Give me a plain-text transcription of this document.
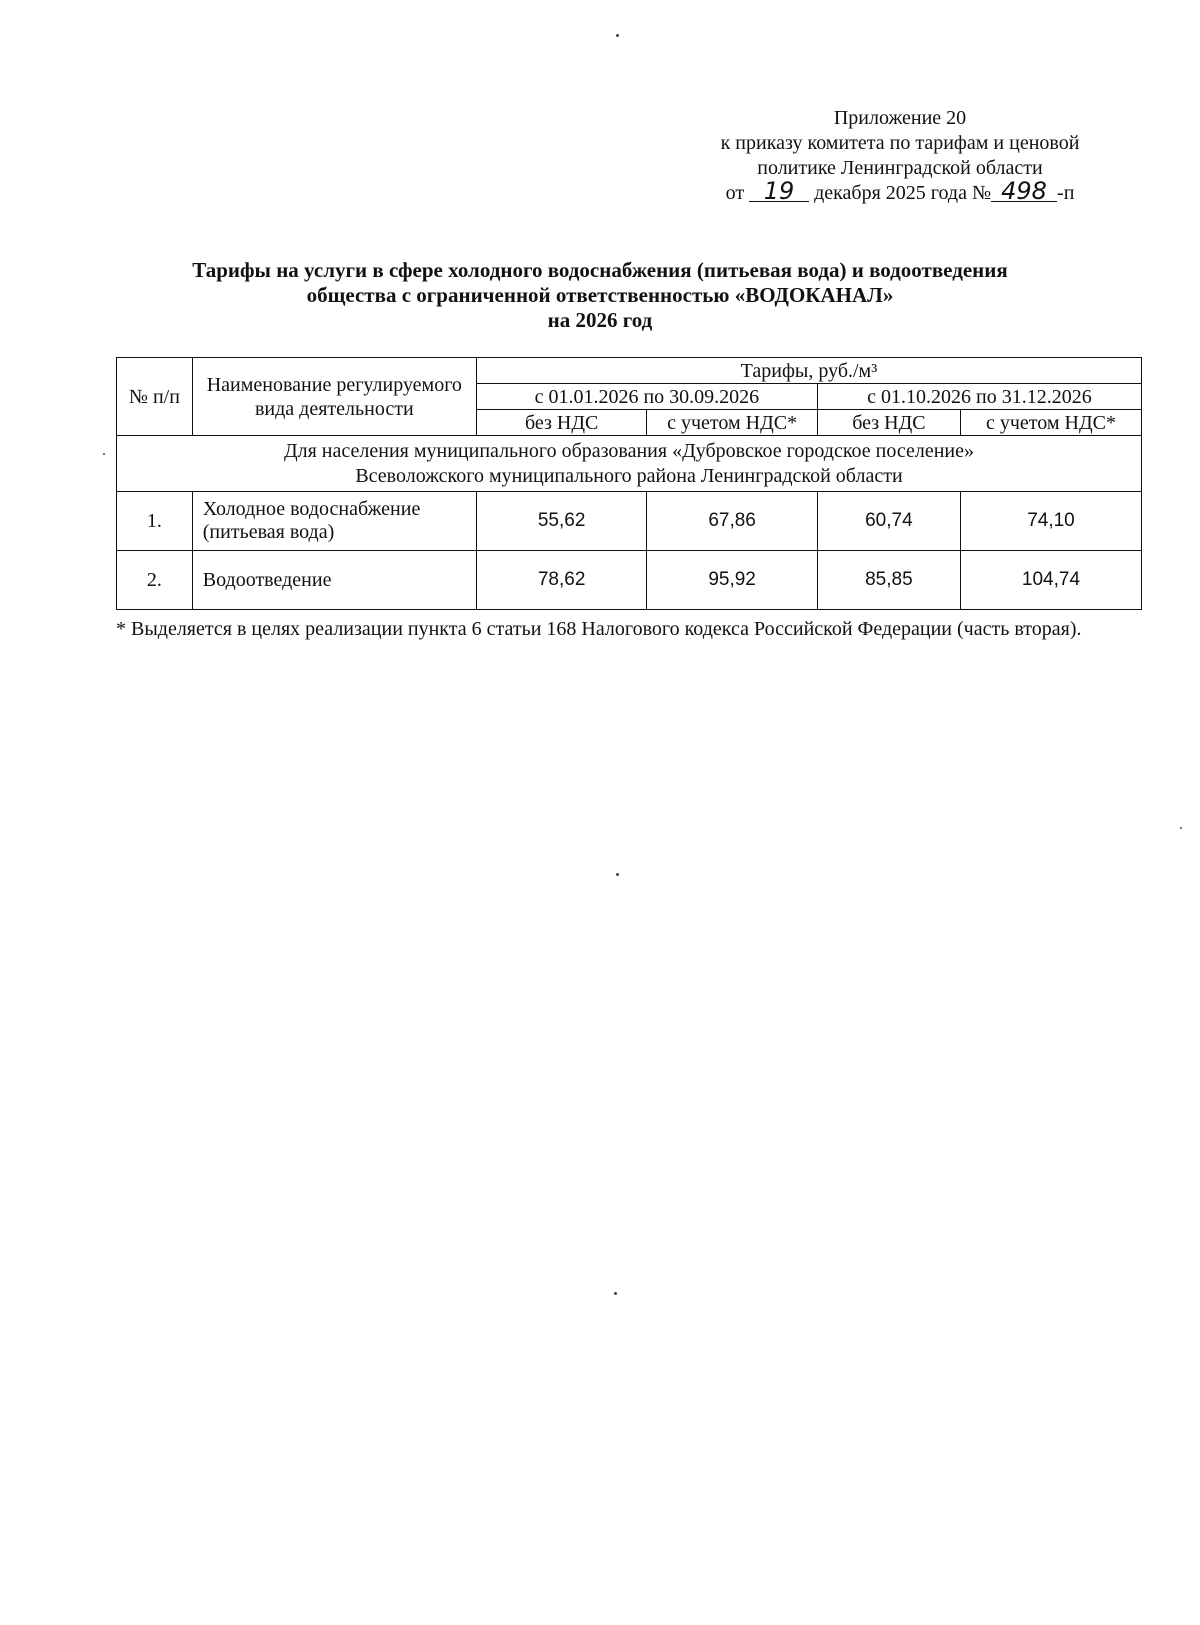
Приложение 20
к приказу комитета по тарифам и ценовой
политике Ленинградской области
от 19 декабря 2025 года № 498 -п
Тарифы на услуги в сфере холодного водоснабжения (питьевая вода) и водоотведения
общества с ограниченной ответственностью «ВОДОКАНАЛ»
на 2026 год
№ п/п	Наименование регулируемого вида деятельности	Тарифы, руб./м³			
		с 01.01.2026 по 30.09.2026		с 01.10.2026 по 31.12.2026	
		без НДС	с учетом НДС*	без НДС	с учетом НДС*
Для населения муниципального образования «Дубровское городское поселение»
Всеволожского муниципального района Ленинградской области					
1.	Холодное водоснабжение (питьевая вода)	55,62	67,86	60,74	74,10
2.	Водоотведение	78,62	95,92	85,85	104,74
* Выделяется в целях реализации пункта 6 статьи 168 Налогового кодекса Российской Федерации (часть вторая).
